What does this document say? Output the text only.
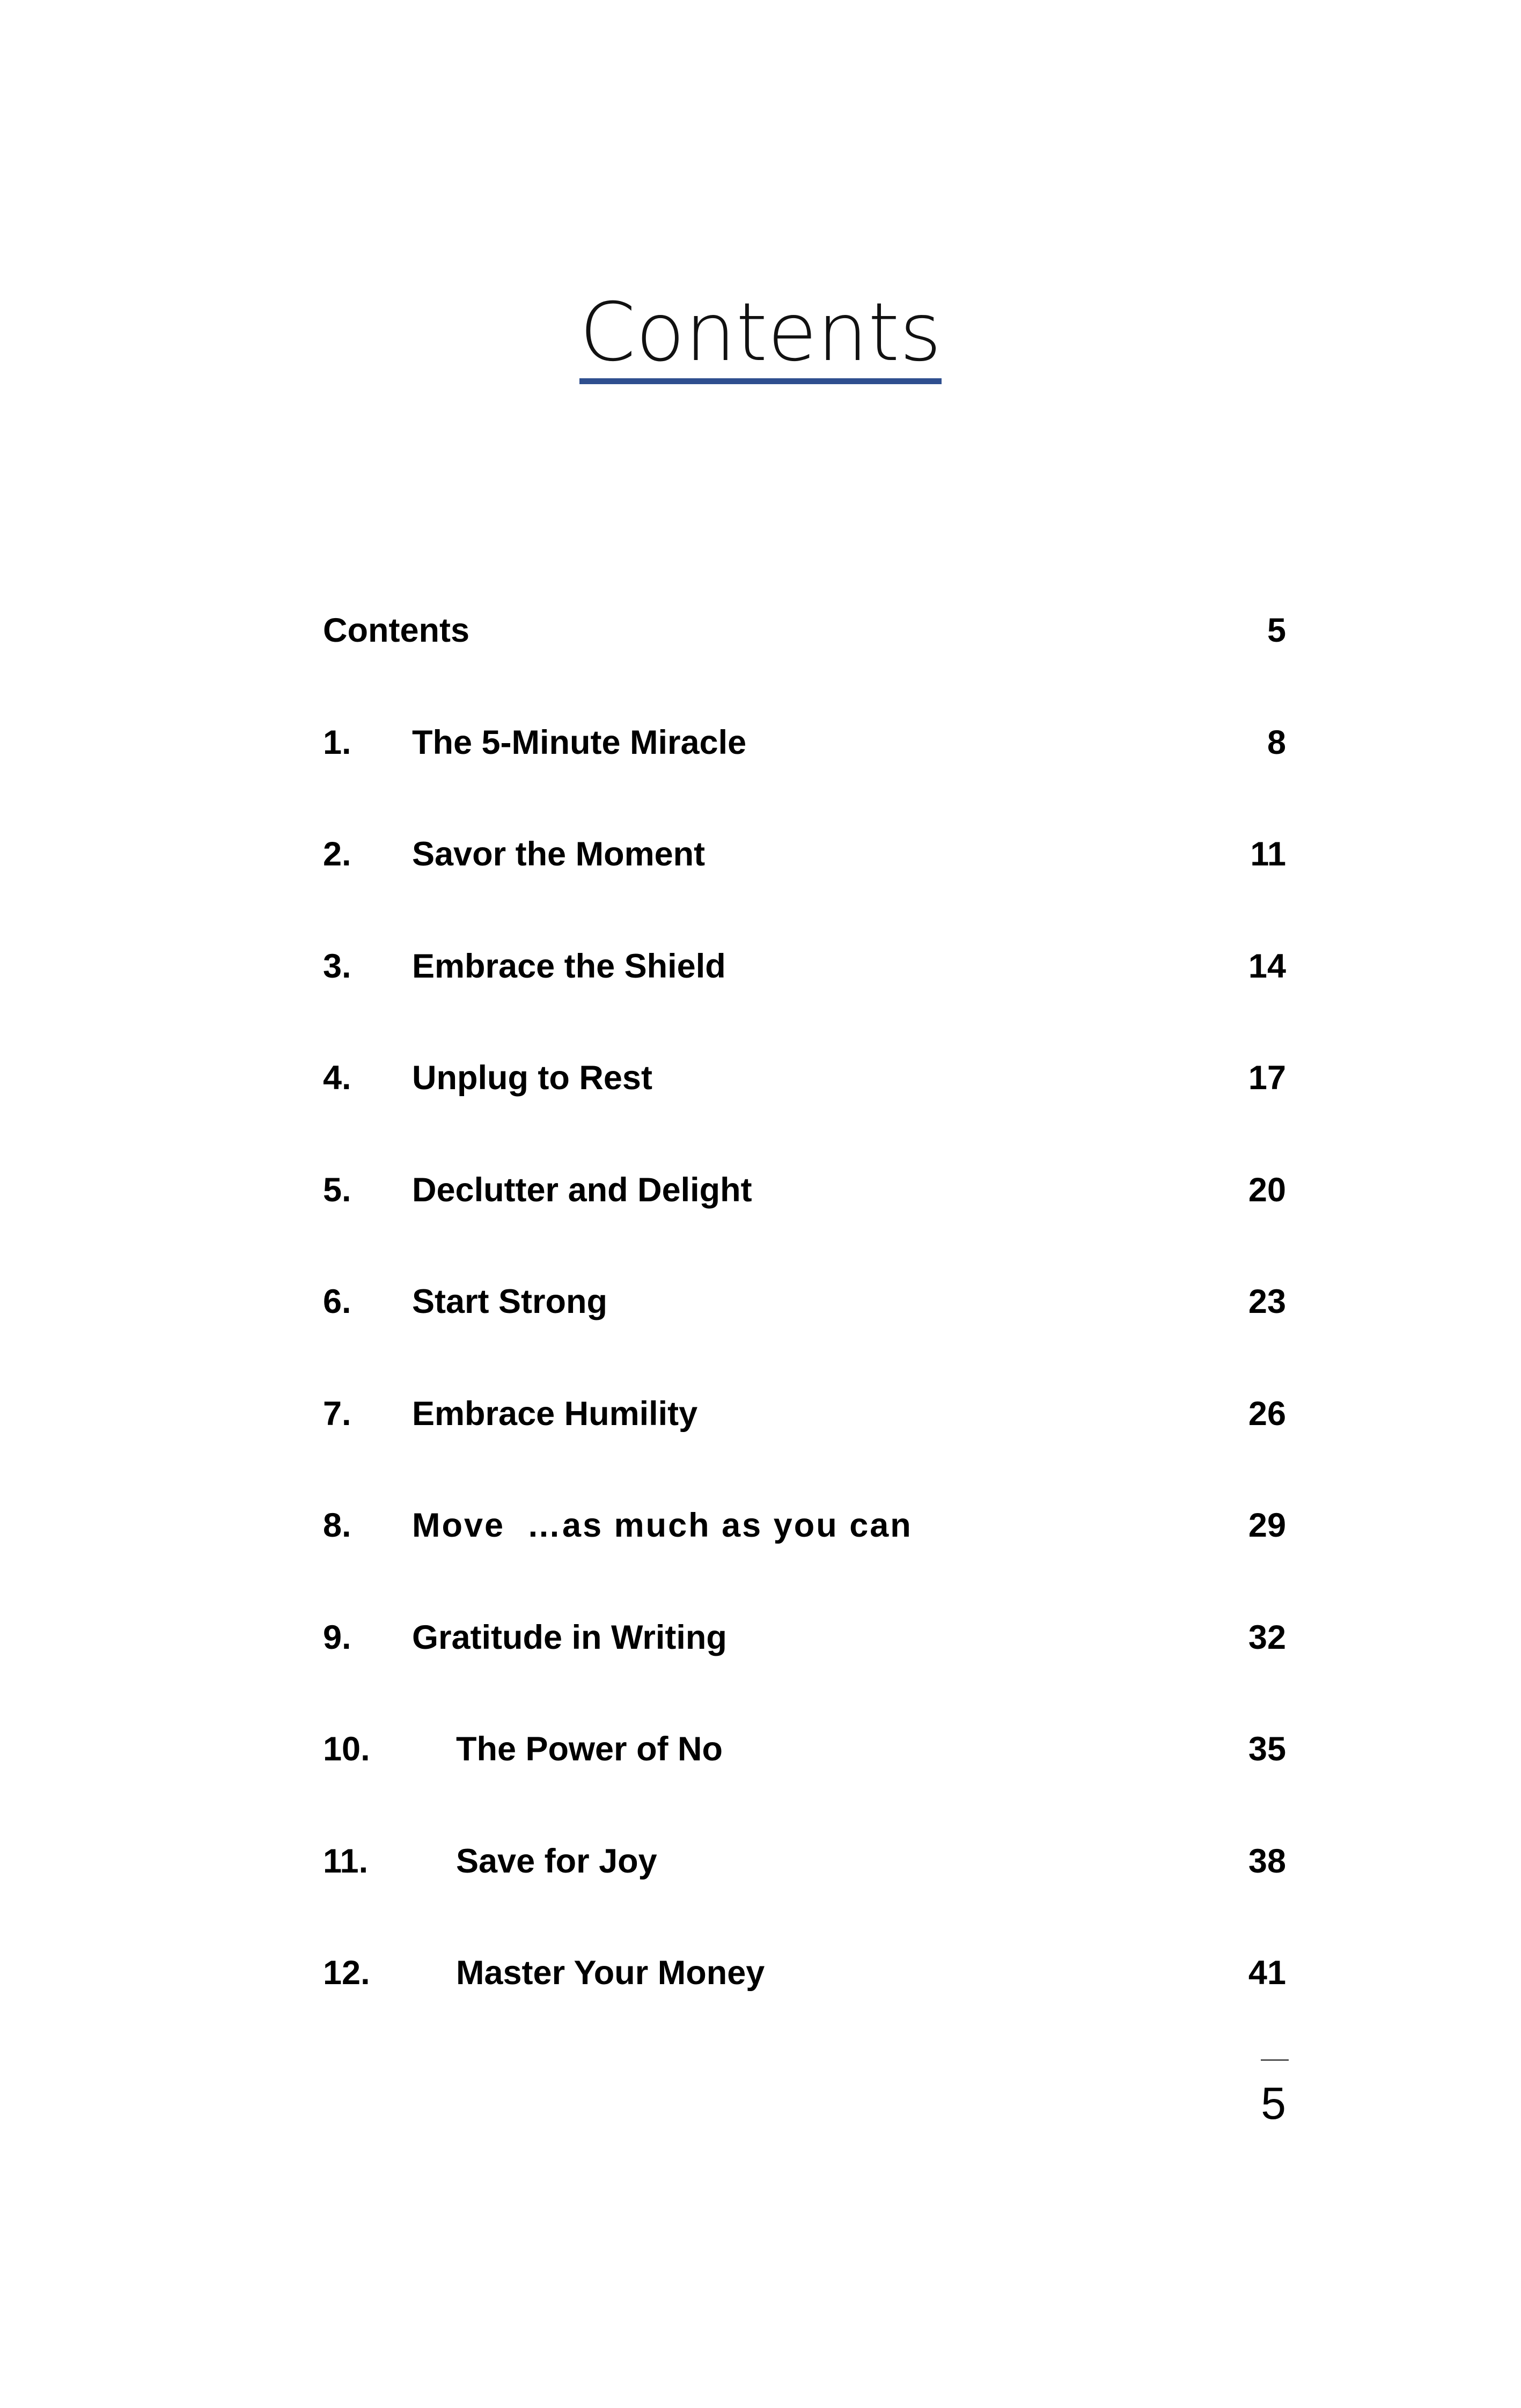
Contents
Contents	5
1. The 5-Minute Miracle	8
2. Savor the Moment	11
3. Embrace the Shield	14
4. Unplug to Rest	17
5. Declutter and Delight	20
6. Start Strong	23
7. Embrace Humility	26
8. Move  …as much as you can	29
9. Gratitude in Writing	32
10.	The Power of No	35
11.	Save for Joy	38
12.	Master Your Money	41
5
